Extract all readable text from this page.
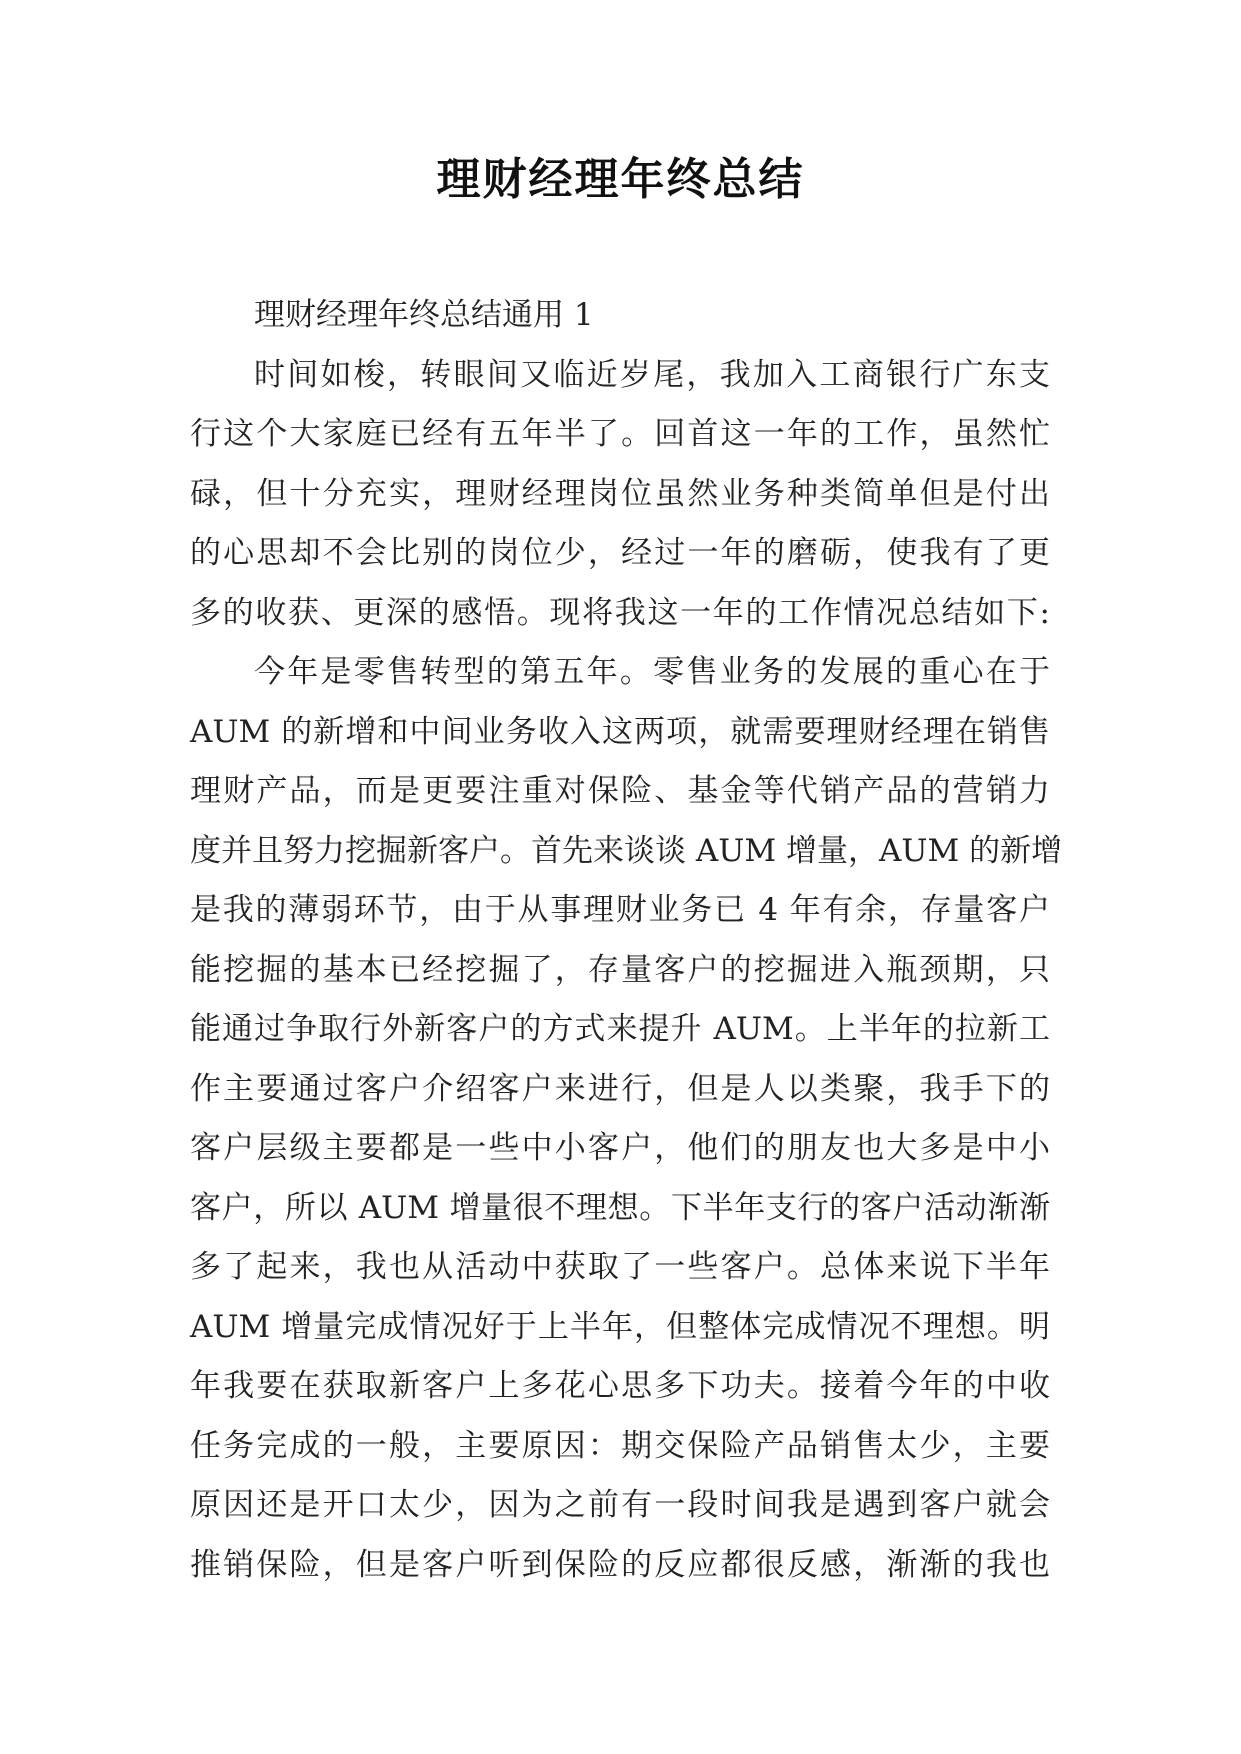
理财经理年终总结
理财经理年终总结通用 1
时间如梭，转眼间又临近岁尾，我加入工商银行广东支
行这个大家庭已经有五年半了。回首这一年的工作，虽然忙
碌，但十分充实，理财经理岗位虽然业务种类简单但是付出
的心思却不会比别的岗位少，经过一年的磨砺，使我有了更
多的收获、更深的感悟。现将我这一年的工作情况总结如下:
今年是零售转型的第五年。零售业务的发展的重心在于
AUM 的新增和中间业务收入这两项，就需要理财经理在销售
理财产品，而是更要注重对保险、基金等代销产品的营销力
度并且努力挖掘新客户。首先来谈谈 AUM 增量，AUM 的新增
是我的薄弱环节，由于从事理财业务已 4 年有余，存量客户
能挖掘的基本已经挖掘了，存量客户的挖掘进入瓶颈期，只
能通过争取行外新客户的方式来提升 AUM。上半年的拉新工
作主要通过客户介绍客户来进行，但是人以类聚，我手下的
客户层级主要都是一些中小客户，他们的朋友也大多是中小
客户，所以 AUM 增量很不理想。下半年支行的客户活动渐渐
多了起来，我也从活动中获取了一些客户。总体来说下半年
AUM 增量完成情况好于上半年，但整体完成情况不理想。明
年我要在获取新客户上多花心思多下功夫。接着今年的中收
任务完成的一般，主要原因：期交保险产品销售太少，主要
原因还是开口太少，因为之前有一段时间我是遇到客户就会
推销保险，但是客户听到保险的反应都很反感，渐渐的我也
